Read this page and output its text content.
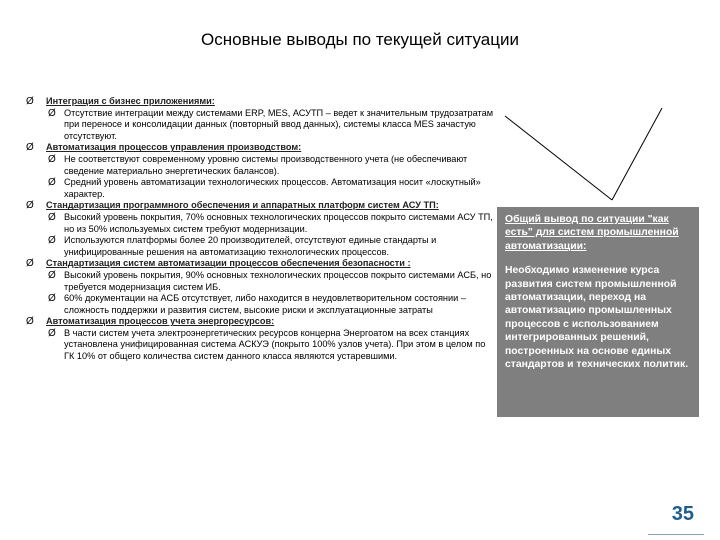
Основные выводы по текущей ситуации
Ø Интеграция с бизнес приложениями:
Ø Отсутствие интеграции между системами ERP, MES, АСУТП – ведет к значительным трудозатратам при переносе и консолидации данных (повторный ввод данных), системы класса MES зачастую отсутствуют.
Ø Автоматизация процессов управления производством:
Ø Не соответствуют современному уровню системы производственного учета (не обеспечивают сведение материально энергетических балансов).
Ø Средний уровень автоматизации технологических процессов. Автоматизация носит «лоскутный» характер.
Ø Стандартизация программного обеспечения и аппаратных платформ систем АСУ ТП:
Ø Высокий уровень покрытия, 70% основных технологических процессов покрыто системами АСУ ТП, но из 50% используемых систем требуют модернизации.
Ø Используются платформы более 20 производителей, отсутствуют единые стандарты и унифицированные решения на автоматизацию технологических процессов.
Ø Стандартизация систем автоматизации процессов обеспечения безопасности :
Ø Высокий уровень покрытия, 90% основных технологических процессов покрыто системами АСБ, но требуется модернизация систем ИБ.
Ø 60% документации на АСБ отсутствует, либо находится в неудовлетворительном состоянии – сложность поддержки и развития систем, высокие риски и эксплуатационные затраты
Ø Автоматизация процессов учета энергоресурсов:
Ø В части систем учета электроэнергетических ресурсов концерна Энергоатом на всех станциях установлена унифицированная система АСКУЭ (покрыто 100% узлов учета). При этом в целом по ГК 10% от общего количества систем данного класса являются устаревшими.
Общий вывод по ситуации "как есть" для систем промышленной автоматизации:
Необходимо изменение курса развития систем промышленной автоматизации, переход на автоматизацию промышленных процессов с использованием интегрированных решений, построенных на основе единых стандартов и технических политик.
35
